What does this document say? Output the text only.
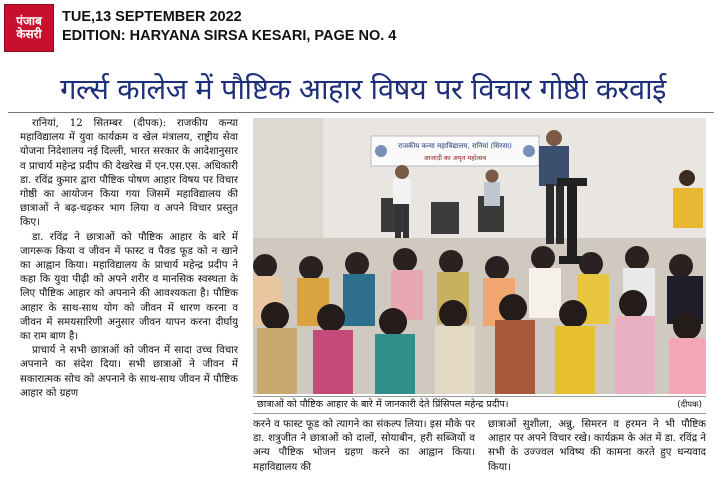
पंजाब
केसरी
TUE,13 SEPTEMBER 2022
EDITION: HARYANA SIRSA KESARI, PAGE NO. 4
गर्ल्स कालेज में पौष्टिक आहार विषय पर विचार गोष्ठी करवाई

रानियां, 12 सितम्बर (दीपक): राजकीय कन्या महाविद्यालय में युवा कार्यक्रम व खेल मंत्रालय, राष्ट्रीय सेवा योजना निदेशालय नई दिल्ली, भारत सरकार के आदेशानुसार व प्राचार्य महेन्द्र प्रदीप की देखरेख में एन.एस.एस. अधिकारी डा. रविंद्र कुमार द्वारा पौष्टिक पोषण आहार विषय पर विचार गोष्ठी का आयोजन किया गया जिसमें महाविद्यालय की छात्राओं ने बढ़-चढ़कर भाग लिया व अपने विचार प्रस्तुत किए।

डा. रविंद्र ने छात्राओं को पौष्टिक आहार के बारे में जागरूक किया व जीवन में फास्ट व पैक्ड फूड को न खाने का आह्वान किया। महाविद्यालय के प्राचार्य महेन्द्र प्रदीप ने कहा कि युवा पीढ़ी को अपने शरीर व मानसिक स्वस्थता के लिए पौष्टिक आहार को अपनाने की आवश्यकता है। पौष्टिक आहार के साथ-साथ योग को जीवन में धारण करना व जीवन में समयसारिणी अनुसार जीवन यापन करना दीर्घायु का राम बाण है।

प्राचार्य ने सभी छात्राओं को जीवन में सादा उच्च विचार अपनाने का संदेश दिया। सभी छात्राओं ने जीवन में सकारात्मक सोच को अपनाने के साथ-साथ जीवन में पौष्टिक आहार को ग्रहण

राजकीय कन्या महाविद्यालय, रानियां (सिरसा)
आजादी का अमृत महोत्सव
छात्राओं को पौष्टिक आहार के बारे में जानकारी देते प्रिंसिपल महेन्द्र प्रदीप।	(दीपक)

करने व फास्ट फूड को त्यागने का संकल्प लिया। इस मौके पर डा. शत्रुजीत ने छात्राओं को दालों, सोयाबीन, हरी सब्जियों व अन्य पौष्टिक भोजन ग्रहण करने का आह्वान किया। महाविद्यालय की

छात्राओं सुशीला, अन्नु, सिमरन व हरमन ने भी पौष्टिक आहार पर अपने विचार रखे। कार्यक्रम के अंत में डा. रविंद्र ने सभी के उज्ज्वल भविष्य की कामना करते हुए धन्यवाद किया।
